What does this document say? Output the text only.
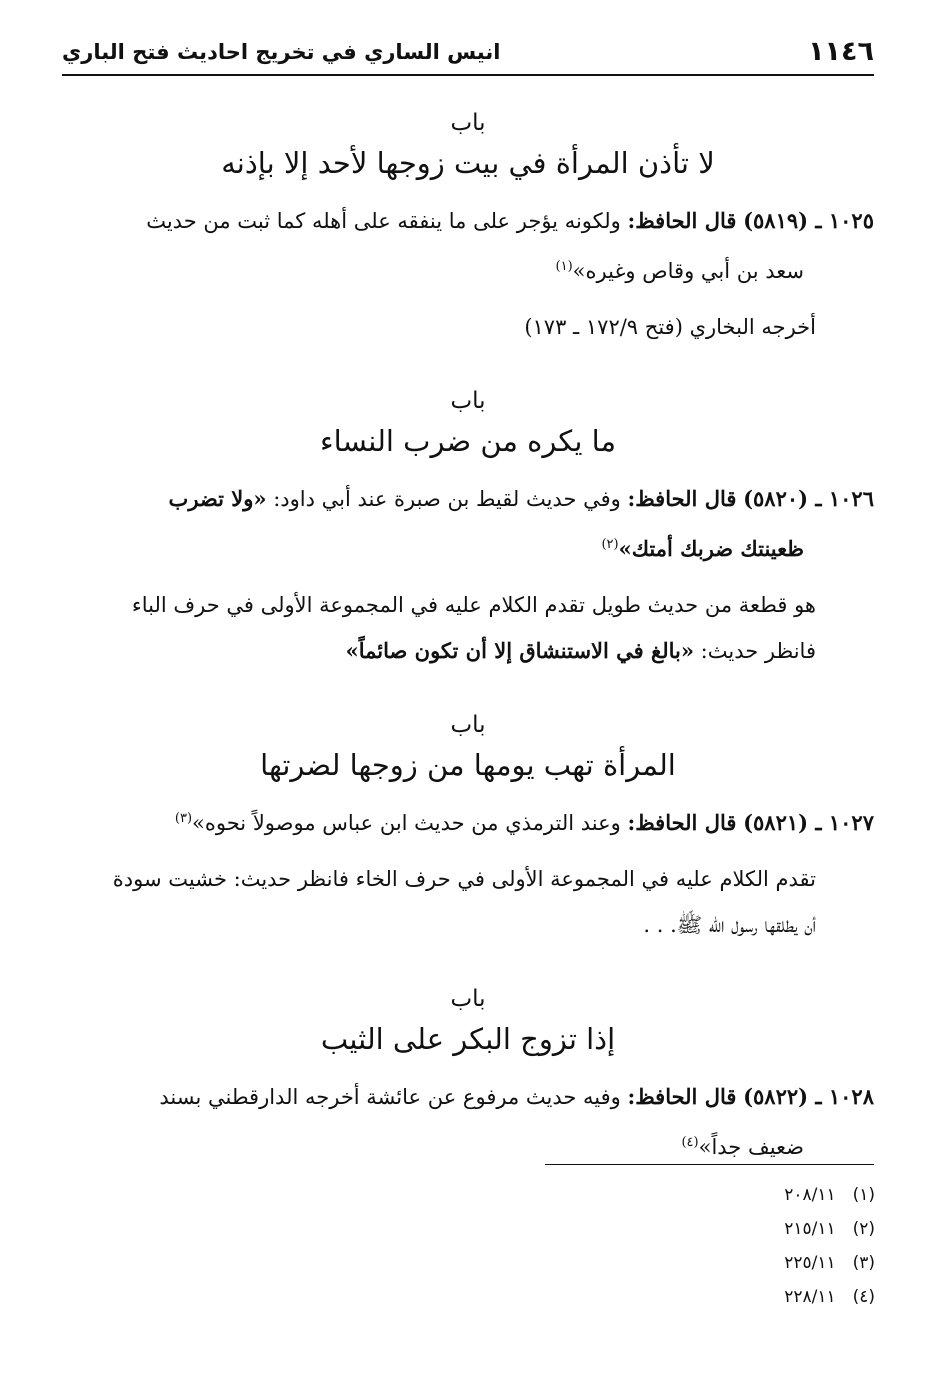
١١٤٦
انيس الساري في تخريج احاديث فتح الباري

باب

لا تأذن المرأة في بيت زوجها لأحد إلا بإذنه

١٠٢٥ ـ (٥٨١٩) قال الحافظ: ولكونه يؤجر على ما ينفقه على أهله كما ثبت من حديث

سعد بن أبي وقاص وغيره»$^{(١)}$

أخرجه البخاري (فتح ١٧٢/٩ ـ ١٧٣)

باب

ما يكره من ضرب النساء

١٠٢٦ ـ (٥٨٢٠) قال الحافظ: وفي حديث لقيط بن صبرة عند أبي داود: «ولا تضرب

ظعينتك ضربك أمتك»$^{(٢)}$

هو قطعة من حديث طويل تقدم الكلام عليه في المجموعة الأولى في حرف الباء
فانظر حديث: «بالغ في الاستنشاق إلا أن تكون صائماً»

باب

المرأة تهب يومها من زوجها لضرتها

١٠٢٧ ـ (٥٨٢١) قال الحافظ: وعند الترمذي من حديث ابن عباس موصولاً نحوه»$^{(٣)}$

تقدم الكلام عليه في المجموعة الأولى في حرف الخاء فانظر حديث: خشيت سودة
أن يطلقها رسول الله ﷺ. . .

باب

إذا تزوج البكر على الثيب

١٠٢٨ ـ (٥٨٢٢) قال الحافظ: وفيه حديث مرفوع عن عائشة أخرجه الدارقطني بسند

ضعيف جداً»$^{(٤)}$

(١) ٢٠٨/١١
(٢) ٢١٥/١١
(٣) ٢٢٥/١١
(٤) ٢٢٨/١١
